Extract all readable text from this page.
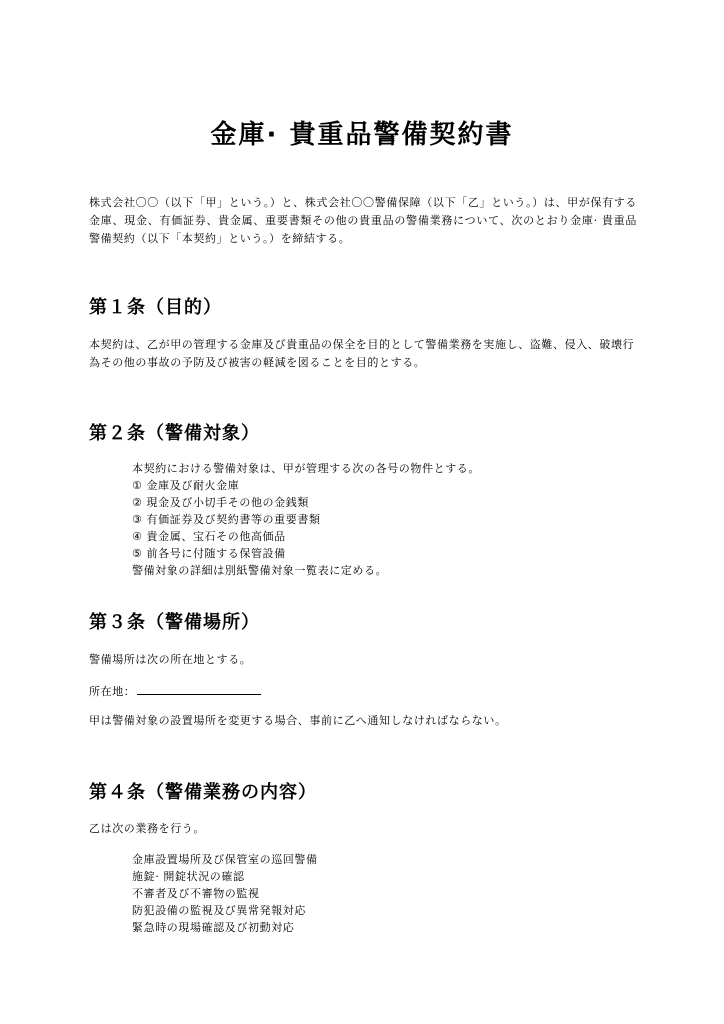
金庫· 貴重品警備契約書

株式会社〇〇（以下「甲」という。）と、株式会社〇〇警備保障（以下「乙」という。）は、甲が保有する金庫、現金、有価証券、貴金属、重要書類その他の貴重品の警備業務について、次のとおり金庫· 貴重品警備契約（以下「本契約」という。）を締結する。

第１条（目的）

本契約は、乙が甲の管理する金庫及び貴重品の保全を目的として警備業務を実施し、盗難、侵入、破壊行為その他の事故の予防及び被害の軽減を図ることを目的とする。

第２条（警備対象）
本契約における警備対象は、甲が管理する次の各号の物件とする。
① 金庫及び耐火金庫
② 現金及び小切手その他の金銭類
③ 有価証券及び契約書等の重要書類
④ 貴金属、宝石その他高価品
⑤ 前各号に付随する保管設備
警備対象の詳細は別紙警備対象一覧表に定める。
第３条（警備場所）

警備場所は次の所在地とする。

所在地：

甲は警備対象の設置場所を変更する場合、事前に乙へ通知しなければならない。

第４条（警備業務の内容）

乙は次の業務を行う。

金庫設置場所及び保管室の巡回警備
施錠· 開錠状況の確認
不審者及び不審物の監視
防犯設備の監視及び異常発報対応
緊急時の現場確認及び初動対応
